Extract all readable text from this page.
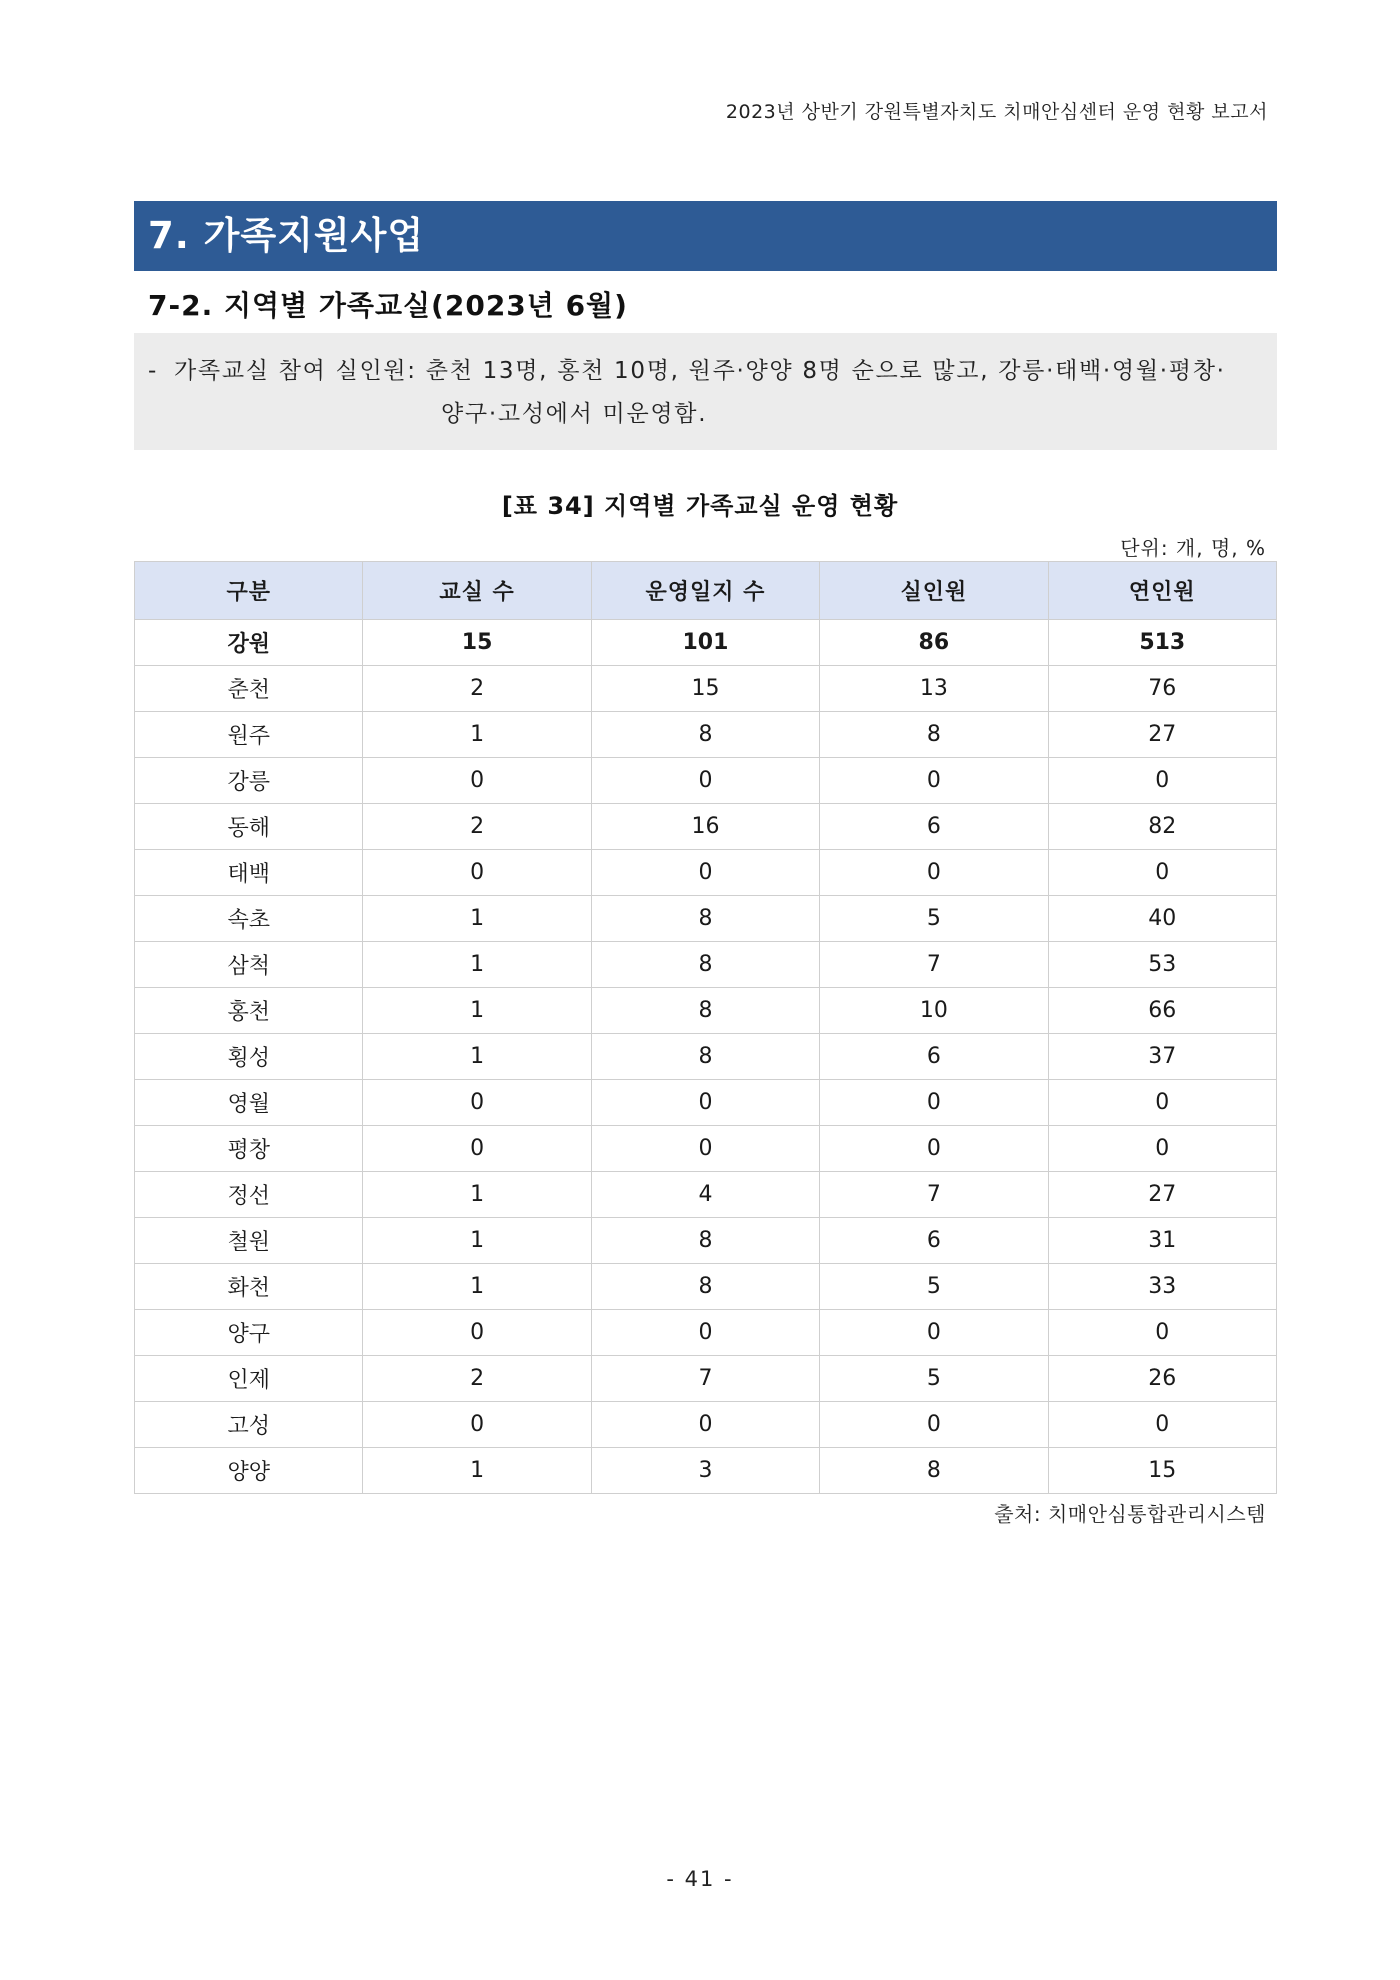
2023년 상반기 강원특별자치도 치매안심센터 운영 현황 보고서
7. 가족지원사업
7-2. 지역별 가족교실(2023년 6월)
- 가족교실 참여 실인원: 춘천 13명, 홍천 10명, 원주·양양 8명 순으로 많고, 강릉·태백·영월·평창·
양구·고성에서 미운영함.
[표 34] 지역별 가족교실 운영 현황
단위: 개, 명, %
구분	교실 수	운영일지 수	실인원	연인원
강원	15	101	86	513
춘천	2	15	13	76
원주	1	8	8	27
강릉	0	0	0	0
동해	2	16	6	82
태백	0	0	0	0
속초	1	8	5	40
삼척	1	8	7	53
홍천	1	8	10	66
횡성	1	8	6	37
영월	0	0	0	0
평창	0	0	0	0
정선	1	4	7	27
철원	1	8	6	31
화천	1	8	5	33
양구	0	0	0	0
인제	2	7	5	26
고성	0	0	0	0
양양	1	3	8	15
출처: 치매안심통합관리시스템
- 41 -
